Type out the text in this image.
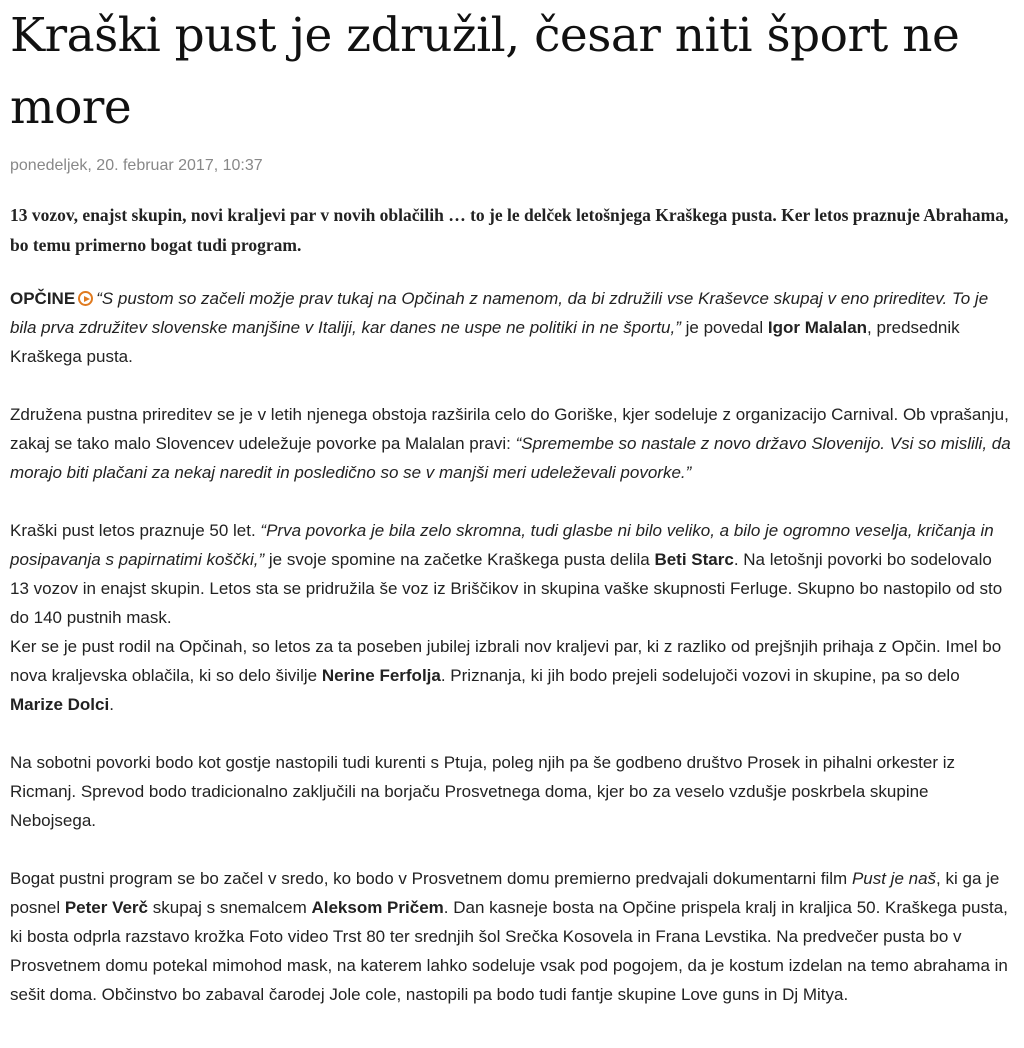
Kraški pust je združil, česar niti šport ne more
ponedeljek, 20. februar 2017, 10:37

13 vozov, enajst skupin, novi kraljevi par v novih oblačilih … to je le delček letošnjega Kraškega pusta. Ker letos praznuje Abrahama, bo temu primerno bogat tudi program.

OPČINE “S pustom so začeli možje prav tukaj na Opčinah z namenom, da bi združili vse Kraševce skupaj v eno prireditev. To je bila prva združitev slovenske manjšine v Italiji, kar danes ne uspe ne politiki in ne športu,” je povedal Igor Malalan, predsednik Kraškega pusta.

Združena pustna prireditev se je v letih njenega obstoja razširila celo do Goriške, kjer sodeluje z organizacijo Carnival. Ob vprašanju, zakaj se tako malo Slovencev udeležuje povorke pa Malalan pravi: “Spremembe so nastale z novo državo Slovenijo. Vsi so mislili, da morajo biti plačani za nekaj naredit in posledično so se v manjši meri udeleževali povorke.”

Kraški pust letos praznuje 50 let. “Prva povorka je bila zelo skromna, tudi glasbe ni bilo veliko, a bilo je ogromno veselja, kričanja in posipavanja s papirnatimi koščki,” je svoje spomine na začetke Kraškega pusta delila Beti Starc. Na letošnji povorki bo sodelovalo 13 vozov in enajst skupin. Letos sta se pridružila še voz iz Briščikov in skupina vaške skupnosti Ferluge. Skupno bo nastopilo od sto do 140 pustnih mask.

Ker se je pust rodil na Opčinah, so letos za ta poseben jubilej izbrali nov kraljevi par, ki z razliko od prejšnjih prihaja z Opčin. Imel bo nova kraljevska oblačila, ki so delo šivilje Nerine Ferfolja. Priznanja, ki jih bodo prejeli sodelujoči vozovi in skupine, pa so delo Marize Dolci.

Na sobotni povorki bodo kot gostje nastopili tudi kurenti s Ptuja, poleg njih pa še godbeno društvo Prosek in pihalni orkester iz Ricmanj. Sprevod bodo tradicionalno zaključili na borjaču Prosvetnega doma, kjer bo za veselo vzdušje poskrbela skupine Nebojsega.

Bogat pustni program se bo začel v sredo, ko bodo v Prosvetnem domu premierno predvajali dokumentarni film Pust je naš, ki ga je posnel Peter Verč skupaj s snemalcem Aleksom Pričem. Dan kasneje bosta na Opčine prispela kralj in kraljica 50. Kraškega pusta, ki bosta odprla razstavo krožka Foto video Trst 80 ter srednjih šol Srečka Kosovela in Frana Levstika. Na predvečer pusta bo v Prosvetnem domu potekal mimohod mask, na katerem lahko sodeluje vsak pod pogojem, da je kostum izdelan na temo abrahama in sešit doma. Občinstvo bo zabaval čarodej Jole cole, nastopili pa bodo tudi fantje skupine Love guns in Dj Mitya.
